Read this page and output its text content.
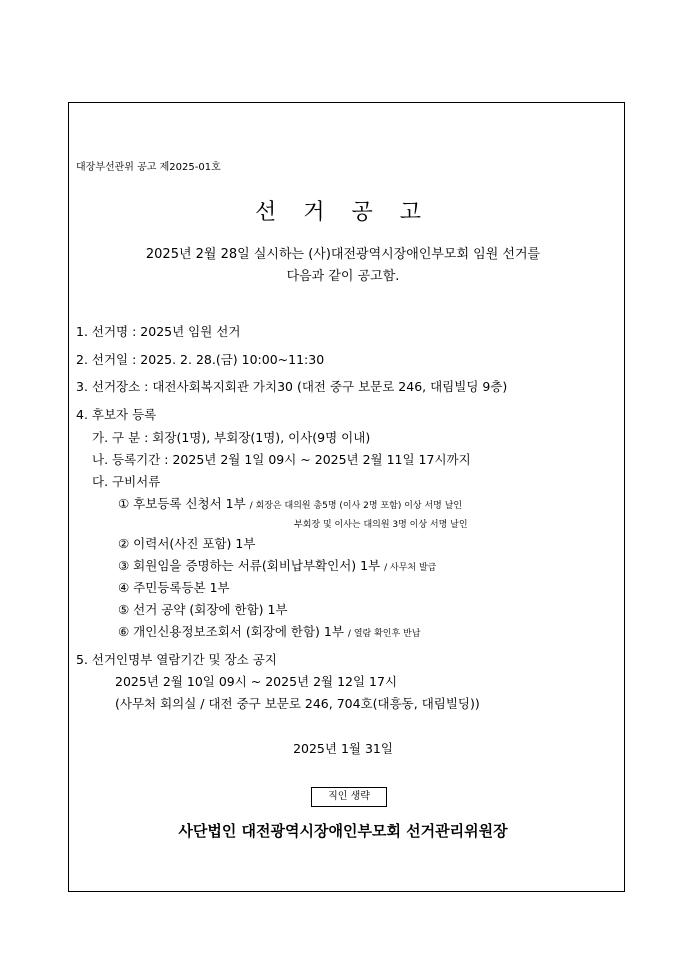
대장부선관위 공고 제2025-01호
선 거 공 고
2025년 2월 28일 실시하는 (사)대전광역시장애인부모회 임원 선거를
다음과 같이 공고함.
1. 선거명 : 2025년 임원 선거
2. 선거일 : 2025. 2. 28.(금) 10:00~11:30
3. 선거장소 : 대전사회복지회관 가치30 (대전 중구 보문로 246, 대림빌딩 9층)
4. 후보자 등록
가. 구 분 : 회장(1명), 부회장(1명), 이사(9명 이내)
나. 등록기간 : 2025년 2월 1일 09시 ~ 2025년 2월 11일 17시까지
다. 구비서류
① 후보등록 신청서 1부 / 회장은 대의원 총5명 (이사 2명 포함) 이상 서명 날인
부회장 및 이사는 대의원 3명 이상 서명 날인
② 이력서(사진 포함) 1부
③ 회원임을 증명하는 서류(회비납부확인서) 1부 / 사무처 발급
④ 주민등록등본 1부
⑤ 선거 공약 (회장에 한함) 1부
⑥ 개인신용정보조회서 (회장에 한함) 1부 / 열람 확인후 반납
5. 선거인명부 열람기간 및 장소 공지
2025년 2월 10일 09시 ~ 2025년 2월 12일 17시
(사무처 회의실 / 대전 중구 보문로 246, 704호(대흥동, 대림빌딩))
2025년 1월 31일
직인 생략
사단법인 대전광역시장애인부모회 선거관리위원장
